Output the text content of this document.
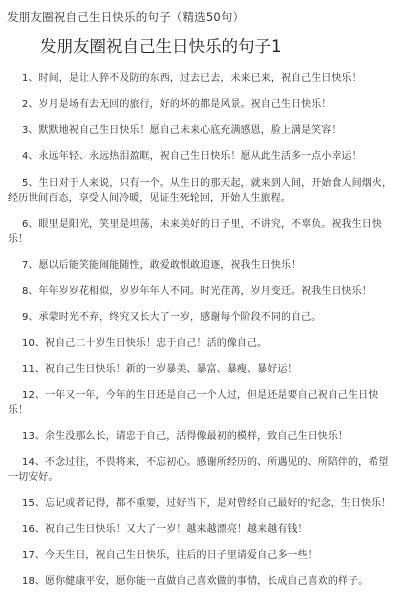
发朋友圈祝自己生日快乐的句子（精选50句）
发朋友圈祝自己生日快乐的句子1
1、时间，是让人猝不及防的东西，过去已去，未来已来，祝自己生日快乐！
2、岁月是场有去无回的旅行，好的坏的都是风景。祝自己生日快乐！
3、默默地祝自己生日快乐！愿自己未来心底充满感恩，脸上满是笑容！
4、永远年轻、永远热泪盈眶，祝自己生日快乐！愿从此生活多一点小幸运！
5、生日对于人来说，只有一个。从生日的那天起，就来到人间，开始食人间烟火，经历世间百态，享受人间冷暖，见证生死轮回，开始人生旅程。
6、眼里是阳光，笑里是坦荡，未来美好的日子里，不讲究，不辜负。祝我生日快乐！
7、愿以后能笑能闹能随性，敢爱敢恨敢追逐，祝我生日快乐！
8、年年岁岁花相似，岁岁年年人不同。时光荏苒，岁月变迁。祝我生日快乐！
9、承蒙时光不弃，终究又长大了一岁，感谢每个阶段不同的自己。
10、祝自己二十岁生日快乐！忠于自己！活的像自己。
11、祝自己生日快乐！新的一岁暴美、暴富、暴瘦、暴好运！
12、一年又一年，今年的生日还是自己一个人过，但是还是要自己祝自己生日快乐！
13、余生没那么长，请忠于自己，活得像最初的模样，致自己生日快乐！
14、不念过往，不畏将来，不忘初心。感谢所经历的、所遇见的、所陪伴的，希望一切安好。
15、忘记或者记得，都不重要，过好当下，是对曾经自己最好的'纪念，生日快乐！
16、祝自己生日快乐！又大了一岁！越来越漂亮！越来越有钱！
17、今天生日，祝自己生日快乐，往后的日子里请爱自己多一些！
18、愿你健康平安，愿你能一直做自己喜欢做的事情，长成自己喜欢的样子。
